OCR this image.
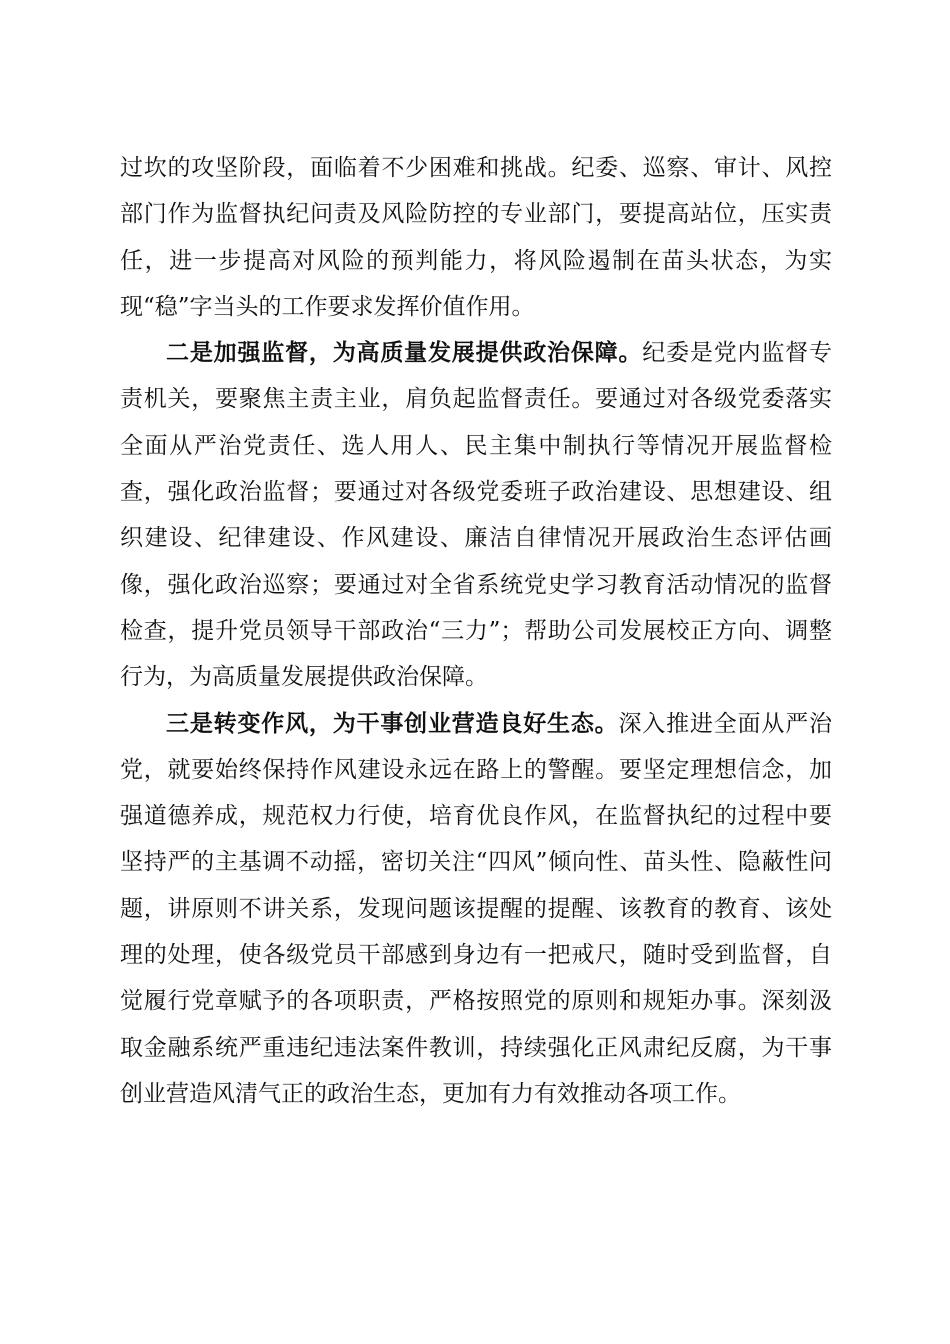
过坎的攻坚阶段，面临着不少困难和挑战。纪委、巡察、审计、风控部门作为监督执纪问责及风险防控的专业部门，要提高站位，压实责任，进一步提高对风险的预判能力，将风险遏制在苗头状态，为实现“稳”字当头的工作要求发挥价值作用。

二是加强监督，为高质量发展提供政治保障。纪委是党内监督专责机关，要聚焦主责主业，肩负起监督责任。要通过对各级党委落实全面从严治党责任、选人用人、民主集中制执行等情况开展监督检查，强化政治监督；要通过对各级党委班子政治建设、思想建设、组织建设、纪律建设、作风建设、廉洁自律情况开展政治生态评估画像，强化政治巡察；要通过对全省系统党史学习教育活动情况的监督检查，提升党员领导干部政治“三力”；帮助公司发展校正方向、调整行为，为高质量发展提供政治保障。

三是转变作风，为干事创业营造良好生态。深入推进全面从严治党，就要始终保持作风建设永远在路上的警醒。要坚定理想信念，加强道德养成，规范权力行使，培育优良作风，在监督执纪的过程中要坚持严的主基调不动摇，密切关注“四风”倾向性、苗头性、隐蔽性问题，讲原则不讲关系，发现问题该提醒的提醒、该教育的教育、该处理的处理，使各级党员干部感到身边有一把戒尺，随时受到监督，自觉履行党章赋予的各项职责，严格按照党的原则和规矩办事。深刻汲取金融系统严重违纪违法案件教训，持续强化正风肃纪反腐，为干事创业营造风清气正的政治生态，更加有力有效推动各项工作。
